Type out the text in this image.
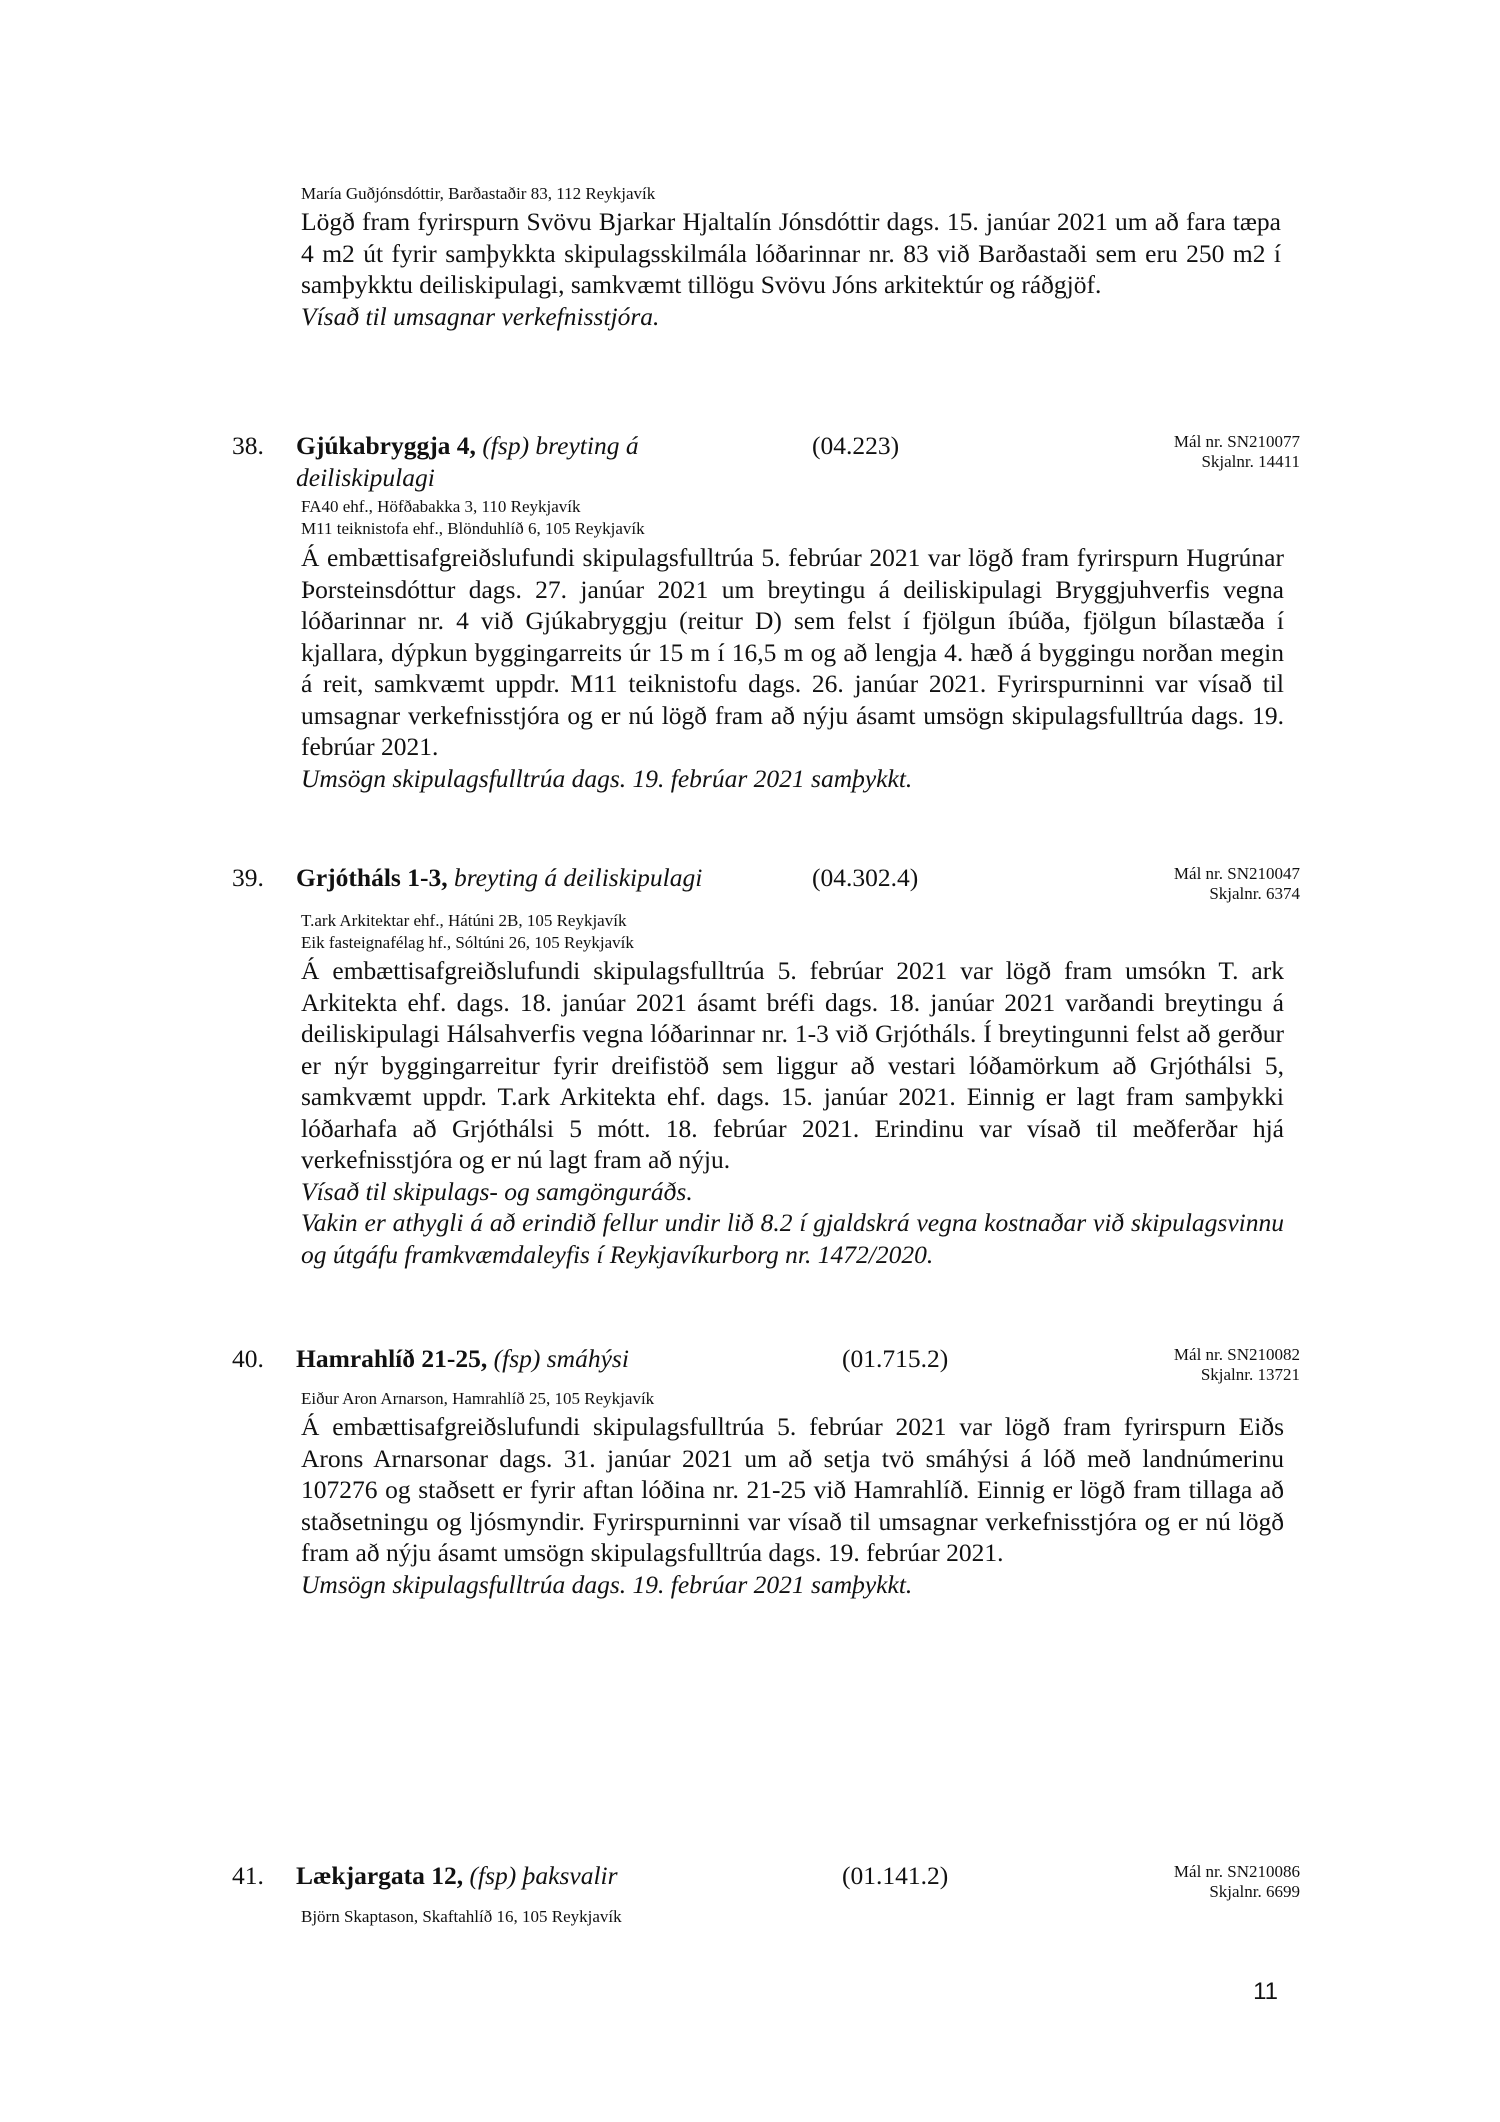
María Guðjónsdóttir, Barðastaðir 83, 112 Reykjavík

Lögð fram fyrirspurn Svövu Bjarkar Hjaltalín Jónsdóttir dags. 15. janúar 2021 um að fara tæpa 4 m2 út fyrir samþykkta skipulagsskilmála lóðarinnar nr. 83 við Barðastaði sem eru 250 m2 í samþykktu deiliskipulagi, samkvæmt tillögu Svövu Jóns arkitektúr og ráðgjöf.

Vísað til umsagnar verkefnisstjóra.

38. Gjúkabryggja 4, (fsp) breyting á deiliskipulagi
(04.223)	Mál nr. SN210077
Skjalnr. 14411
FA40 ehf., Höfðabakka 3, 110 Reykjavík
M11 teiknistofa ehf., Blönduhlíð 6, 105 Reykjavík

Á embættisafgreiðslufundi skipulagsfulltrúa 5. febrúar 2021 var lögð fram fyrirspurn Hugrúnar Þorsteinsdóttur dags. 27. janúar 2021 um breytingu á deiliskipulagi Bryggjuhverfis vegna lóðarinnar nr. 4 við Gjúkabryggju (reitur D) sem felst í fjölgun íbúða, fjölgun bílastæða í kjallara, dýpkun byggingarreits úr 15 m í 16,5 m og að lengja 4. hæð á byggingu norðan megin á reit, samkvæmt uppdr. M11 teiknistofu dags. 26. janúar 2021. Fyrirspurninni var vísað til umsagnar verkefnisstjóra og er nú lögð fram að nýju ásamt umsögn skipulagsfulltrúa dags. 19. febrúar 2021.

Umsögn skipulagsfulltrúa dags. 19. febrúar 2021 samþykkt.

39. Grjótháls 1-3, breyting á deiliskipulagi	(04.302.4)	Mál nr. SN210047
Skjalnr. 6374
T.ark Arkitektar ehf., Hátúni 2B, 105 Reykjavík
Eik fasteignafélag hf., Sóltúni 26, 105 Reykjavík

Á embættisafgreiðslufundi skipulagsfulltrúa 5. febrúar 2021 var lögð fram umsókn T. ark Arkitekta ehf. dags. 18. janúar 2021 ásamt bréfi dags. 18. janúar 2021 varðandi breytingu á deiliskipulagi Hálsahverfis vegna lóðarinnar nr. 1-3 við Grjótháls. Í breytingunni felst að gerður er nýr byggingarreitur fyrir dreifistöð sem liggur að vestari lóðamörkum að Grjóthálsi 5, samkvæmt uppdr. T.ark Arkitekta ehf. dags. 15. janúar 2021. Einnig er lagt fram samþykki lóðarhafa að Grjóthálsi 5 mótt. 18. febrúar 2021. Erindinu var vísað til meðferðar hjá verkefnisstjóra og er nú lagt fram að nýju.

Vísað til skipulags- og samgönguráðs.

Vakin er athygli á að erindið fellur undir lið 8.2 í gjaldskrá vegna kostnaðar við skipulagsvinnu og útgáfu framkvæmdaleyfis í Reykjavíkurborg nr. 1472/2020.

40. Hamrahlíð 21-25, (fsp) smáhýsi	(01.715.2)	Mál nr. SN210082
Skjalnr. 13721
Eiður Aron Arnarson, Hamrahlíð 25, 105 Reykjavík

Á embættisafgreiðslufundi skipulagsfulltrúa 5. febrúar 2021 var lögð fram fyrirspurn Eiðs Arons Arnarsonar dags. 31. janúar 2021 um að setja tvö smáhýsi á lóð með landnúmerinu 107276 og staðsett er fyrir aftan lóðina nr. 21-25 við Hamrahlíð. Einnig er lögð fram tillaga að staðsetningu og ljósmyndir. Fyrirspurninni var vísað til umsagnar verkefnisstjóra og er nú lögð fram að nýju ásamt umsögn skipulagsfulltrúa dags. 19. febrúar 2021.

Umsögn skipulagsfulltrúa dags. 19. febrúar 2021 samþykkt.

41. Lækjargata 12, (fsp) þaksvalir	(01.141.2)	Mál nr. SN210086
Skjalnr. 6699
Björn Skaptason, Skaftahlíð 16, 105 Reykjavík
11
